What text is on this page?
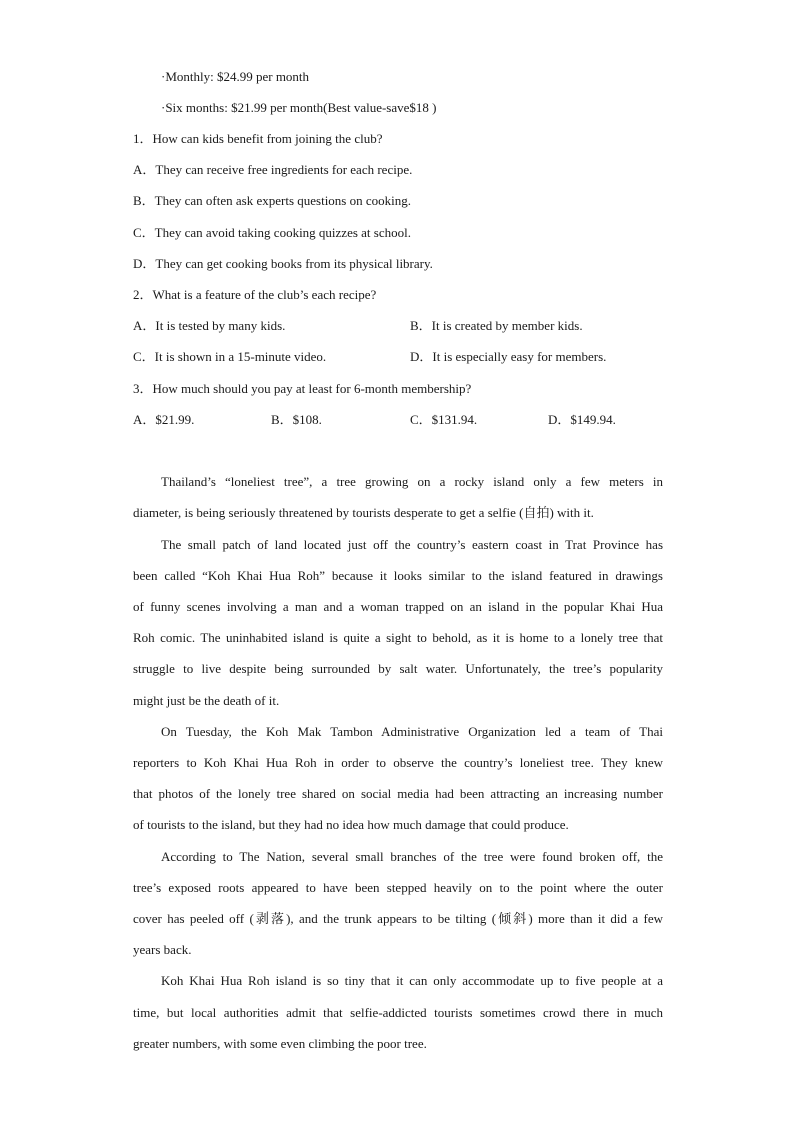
·Monthly: $24.99 per month
·Six months: $21.99 per month(Best value-save$18 )
1．How can kids benefit from joining the club?
A．They can receive free ingredients for each recipe.
B．They can often ask experts questions on cooking.
C．They can avoid taking cooking quizzes at school.
D．They can get cooking books from its physical library.
2．What is a feature of the club’s each recipe?
A．It is tested by many kids.	B．It is created by member kids.
C．It is shown in a 15-minute video.	D．It is especially easy for members.
3．How much should you pay at least for 6-month membership?
A．$21.99.	B．$108.	C．$131.94.	D．$149.94.
Thailand’s “loneliest tree”, a tree growing on a rocky island only a few meters in
diameter, is being seriously threatened by tourists desperate to get a selfie (自拍) with it.
The small patch of land located just off the country’s eastern coast in Trat Province has
been called “Koh Khai Hua Roh” because it looks similar to the island featured in drawings
of funny scenes involving a man and a woman trapped on an island in the popular Khai Hua
Roh comic. The uninhabited island is quite a sight to behold, as it is home to a lonely tree that
struggle to live despite being surrounded by salt water. Unfortunately, the tree’s popularity
might just be the death of it.
On Tuesday, the Koh Mak Tambon Administrative Organization led a team of Thai
reporters to Koh Khai Hua Roh in order to observe the country’s loneliest tree. They knew
that photos of the lonely tree shared on social media had been attracting an increasing number
of tourists to the island, but they had no idea how much damage that could produce.
According to The Nation, several small branches of the tree were found broken off, the
tree’s exposed roots appeared to have been stepped heavily on to the point where the outer
cover has peeled off (剥落), and the trunk appears to be tilting (倾斜) more than it did a few
years back.
Koh Khai Hua Roh island is so tiny that it can only accommodate up to five people at a
time, but local authorities admit that selfie-addicted tourists sometimes crowd there in much
greater numbers, with some even climbing the poor tree.
